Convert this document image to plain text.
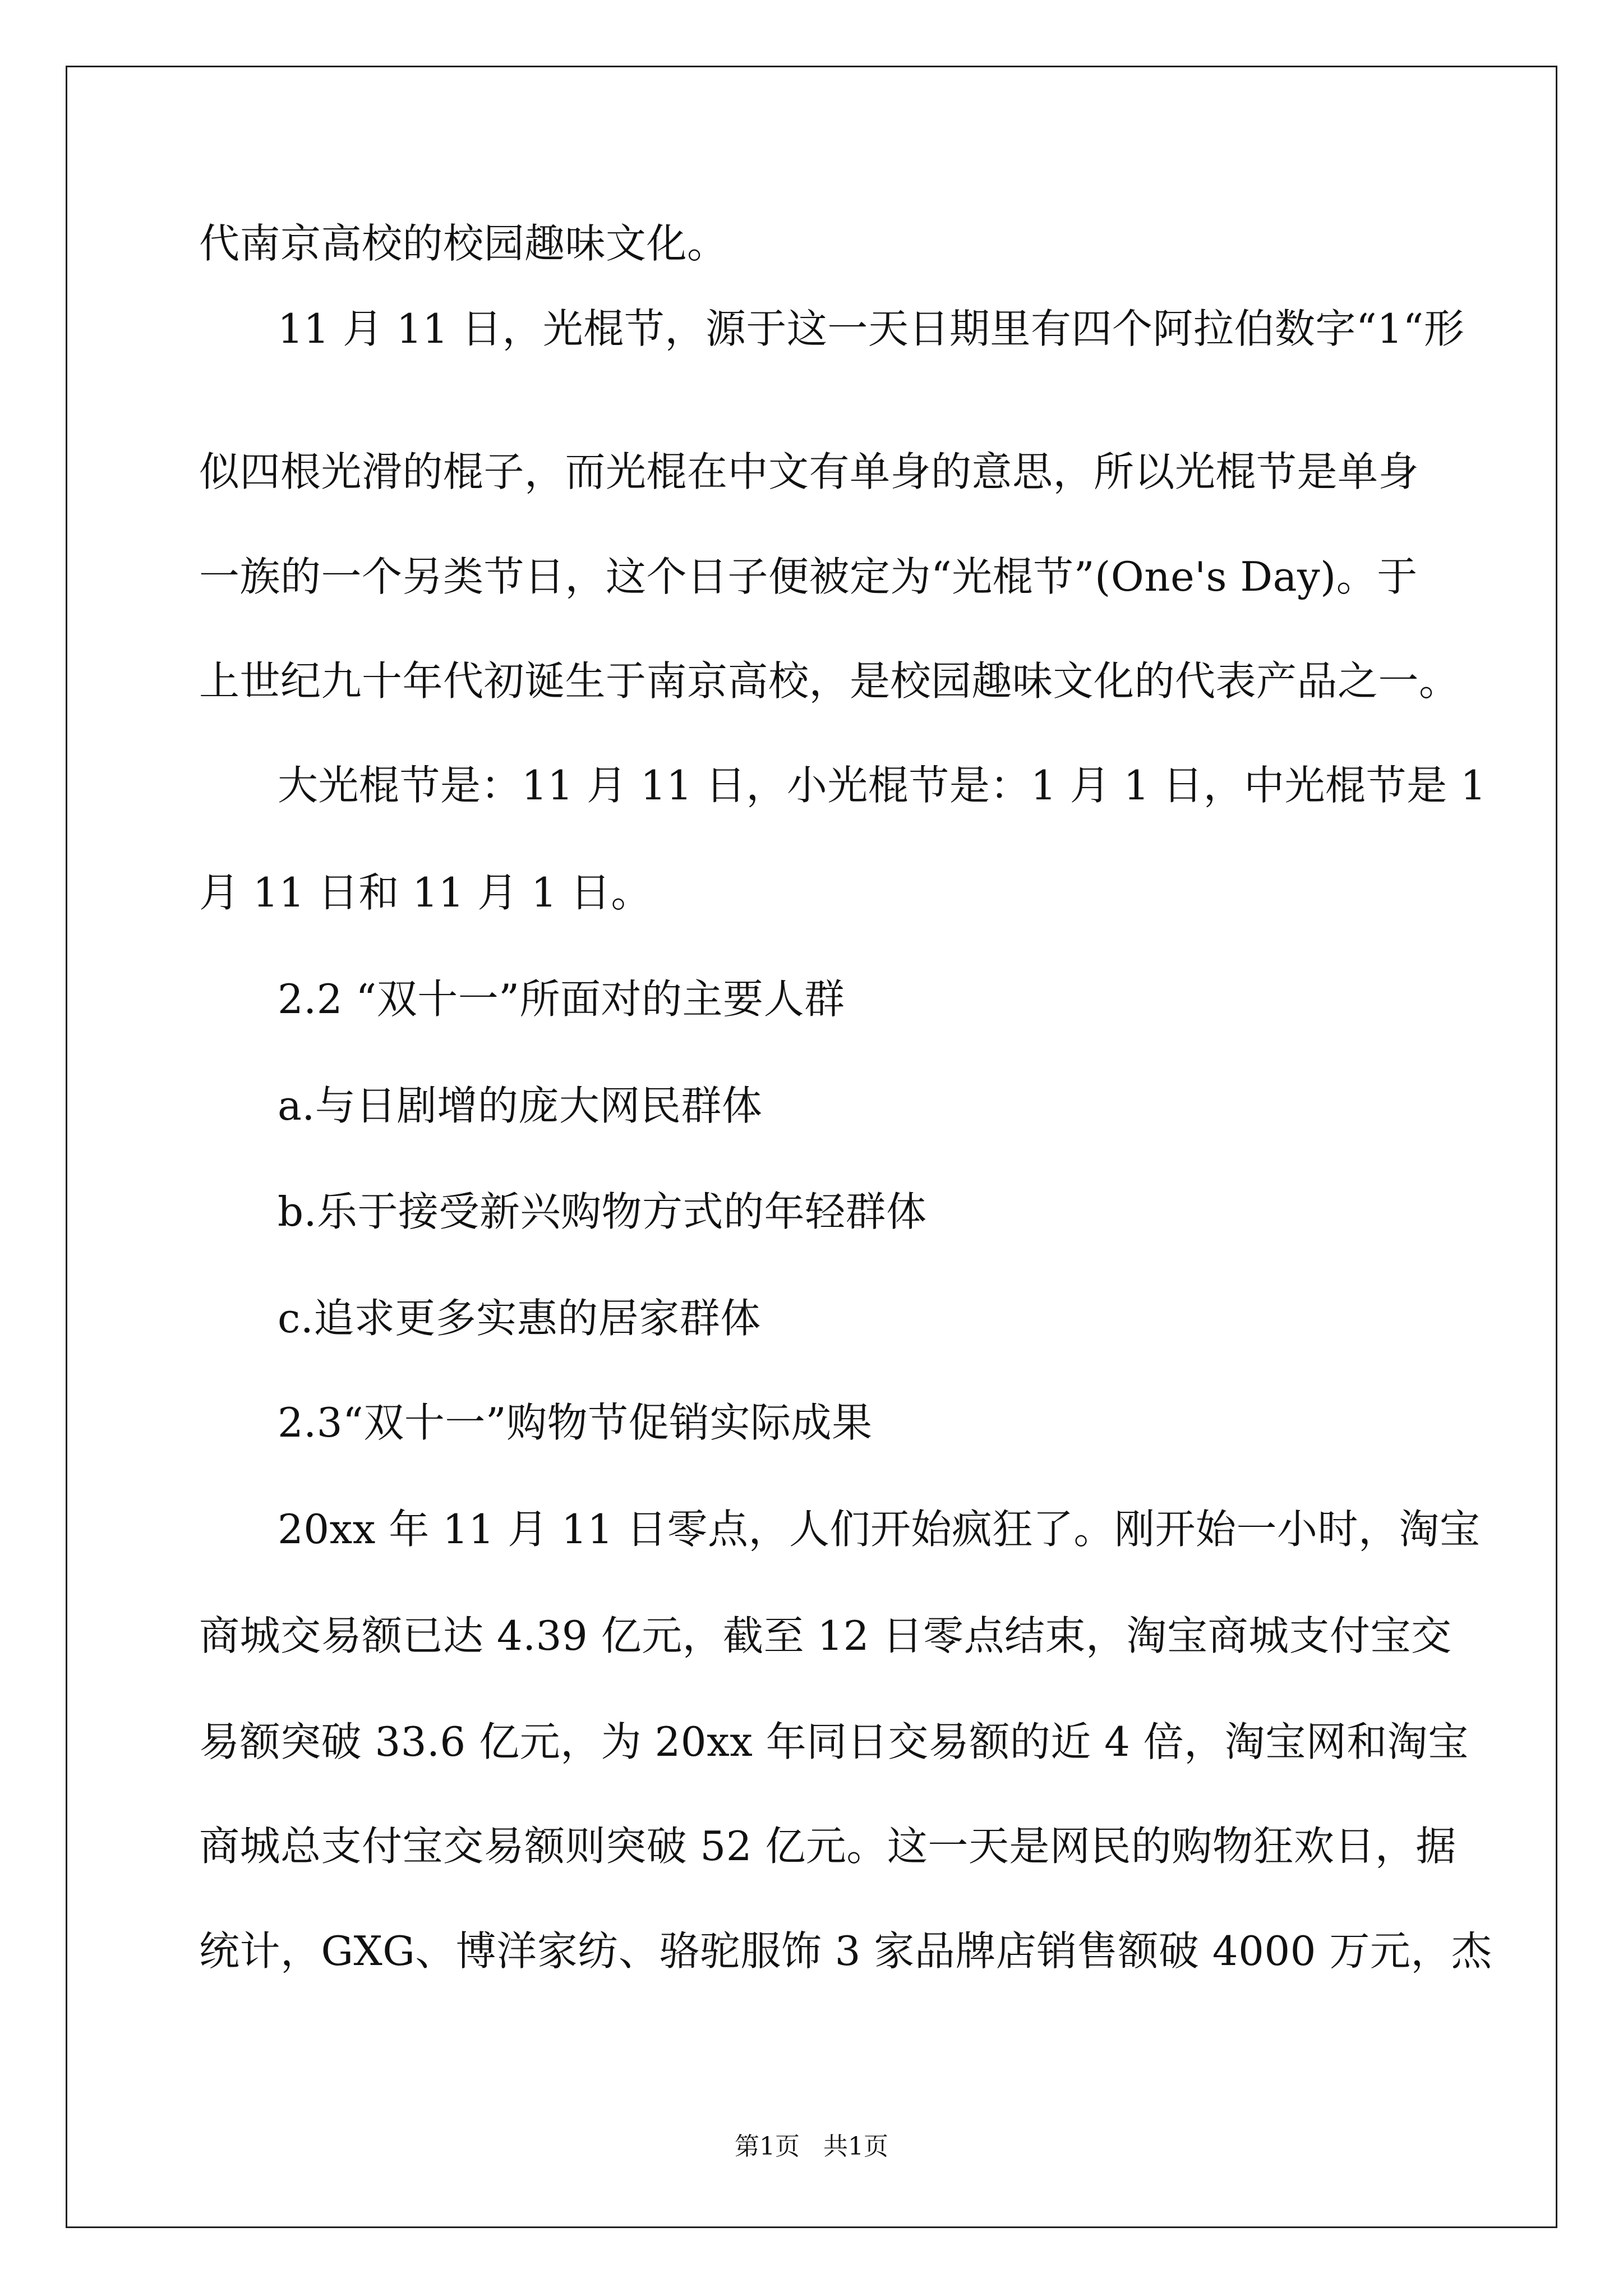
代南京高校的校园趣味文化。
11 月 11 日，光棍节，源于这一天日期里有四个阿拉伯数字“1“形
似四根光滑的棍子，而光棍在中文有单身的意思，所以光棍节是单身
一族的一个另类节日，这个日子便被定为“光棍节”(One's Day)。于
上世纪九十年代初诞生于南京高校，是校园趣味文化的代表产品之一。
大光棍节是：11 月 11 日，小光棍节是：1 月 1 日，中光棍节是 1
月 11 日和 11 月 1 日。
2.2 “双十一”所面对的主要人群
a.与日剧增的庞大网民群体
b.乐于接受新兴购物方式的年轻群体
c.追求更多实惠的居家群体
2.3“双十一”购物节促销实际成果
20xx 年 11 月 11 日零点，人们开始疯狂了。刚开始一小时，淘宝
商城交易额已达 4.39 亿元，截至 12 日零点结束，淘宝商城支付宝交
易额突破 33.6 亿元，为 20xx 年同日交易额的近 4 倍，淘宝网和淘宝
商城总支付宝交易额则突破 52 亿元。这一天是网民的购物狂欢日，据
统计，GXG、博洋家纺、骆驼服饰 3 家品牌店销售额破 4000 万元，杰
第1页 共1页
